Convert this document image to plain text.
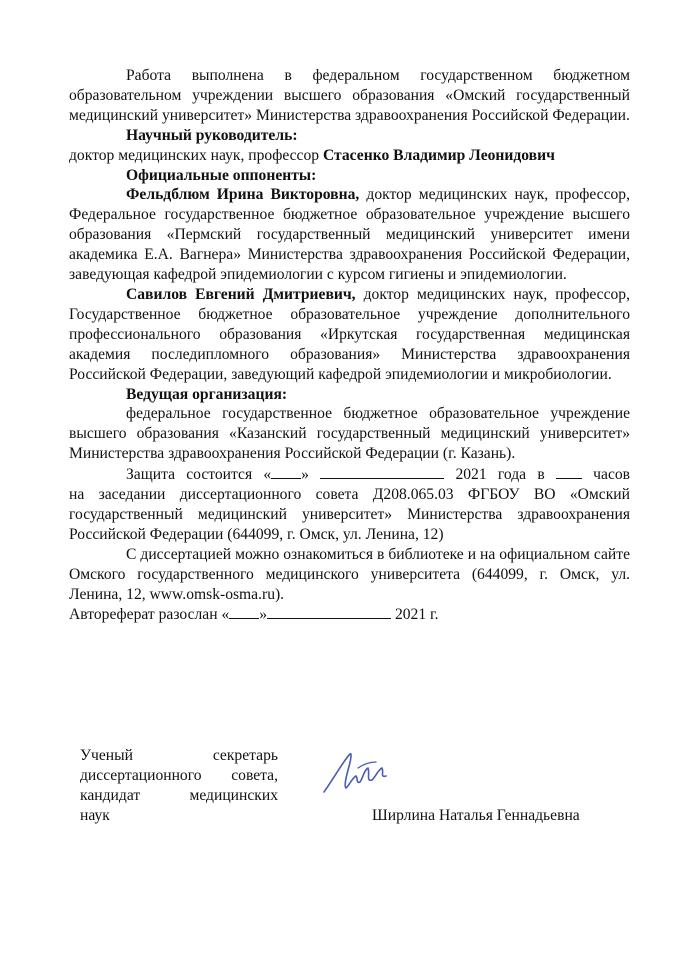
Работа выполнена в федеральном государственном бюджетном образовательном учреждении высшего образования «Омский государственный медицинский университет» Министерства здравоохранения Российской Федерации.

Научный руководитель:

доктор медицинских наук, профессор Стасенко Владимир Леонидович

Официальные оппоненты:

Фельдблюм Ирина Викторовна, доктор медицинских наук, профессор, Федеральное государственное бюджетное образовательное учреждение высшего образования «Пермский государственный медицинский университет имени академика Е.А. Вагнера» Министерства здравоохранения Российской Федерации, заведующая кафедрой эпидемиологии с курсом гигиены и эпидемиологии.

Савилов Евгений Дмитриевич, доктор медицинских наук, профессор, Государственное бюджетное образовательное учреждение дополнительного профессионального образования «Иркутская государственная медицинская академия последипломного образования» Министерства здравоохранения Российской Федерации, заведующий кафедрой эпидемиологии и микробиологии.

Ведущая организация:

федеральное государственное бюджетное образовательное учреждение высшего образования «Казанский государственный медицинский университет» Министерства здравоохранения Российской Федерации (г. Казань).

Защита состоится « »	2021 года в  часов

на заседании диссертационного совета Д208.065.03 ФГБОУ ВО «Омский государственный медицинский университет» Министерства здравоохранения Российской Федерации (644099, г. Омск, ул. Ленина, 12)

С диссертацией можно ознакомиться в библиотеке и на официальном сайте Омского государственного медицинского университета (644099, г. Омск, ул. Ленина, 12, www.omsk-osma.ru).

Автореферат разослан « »	2021 г.

Ученый секретарь
диссертационного совета,
кандидат медицинских
наук	Ширлина Наталья Геннадьевна
